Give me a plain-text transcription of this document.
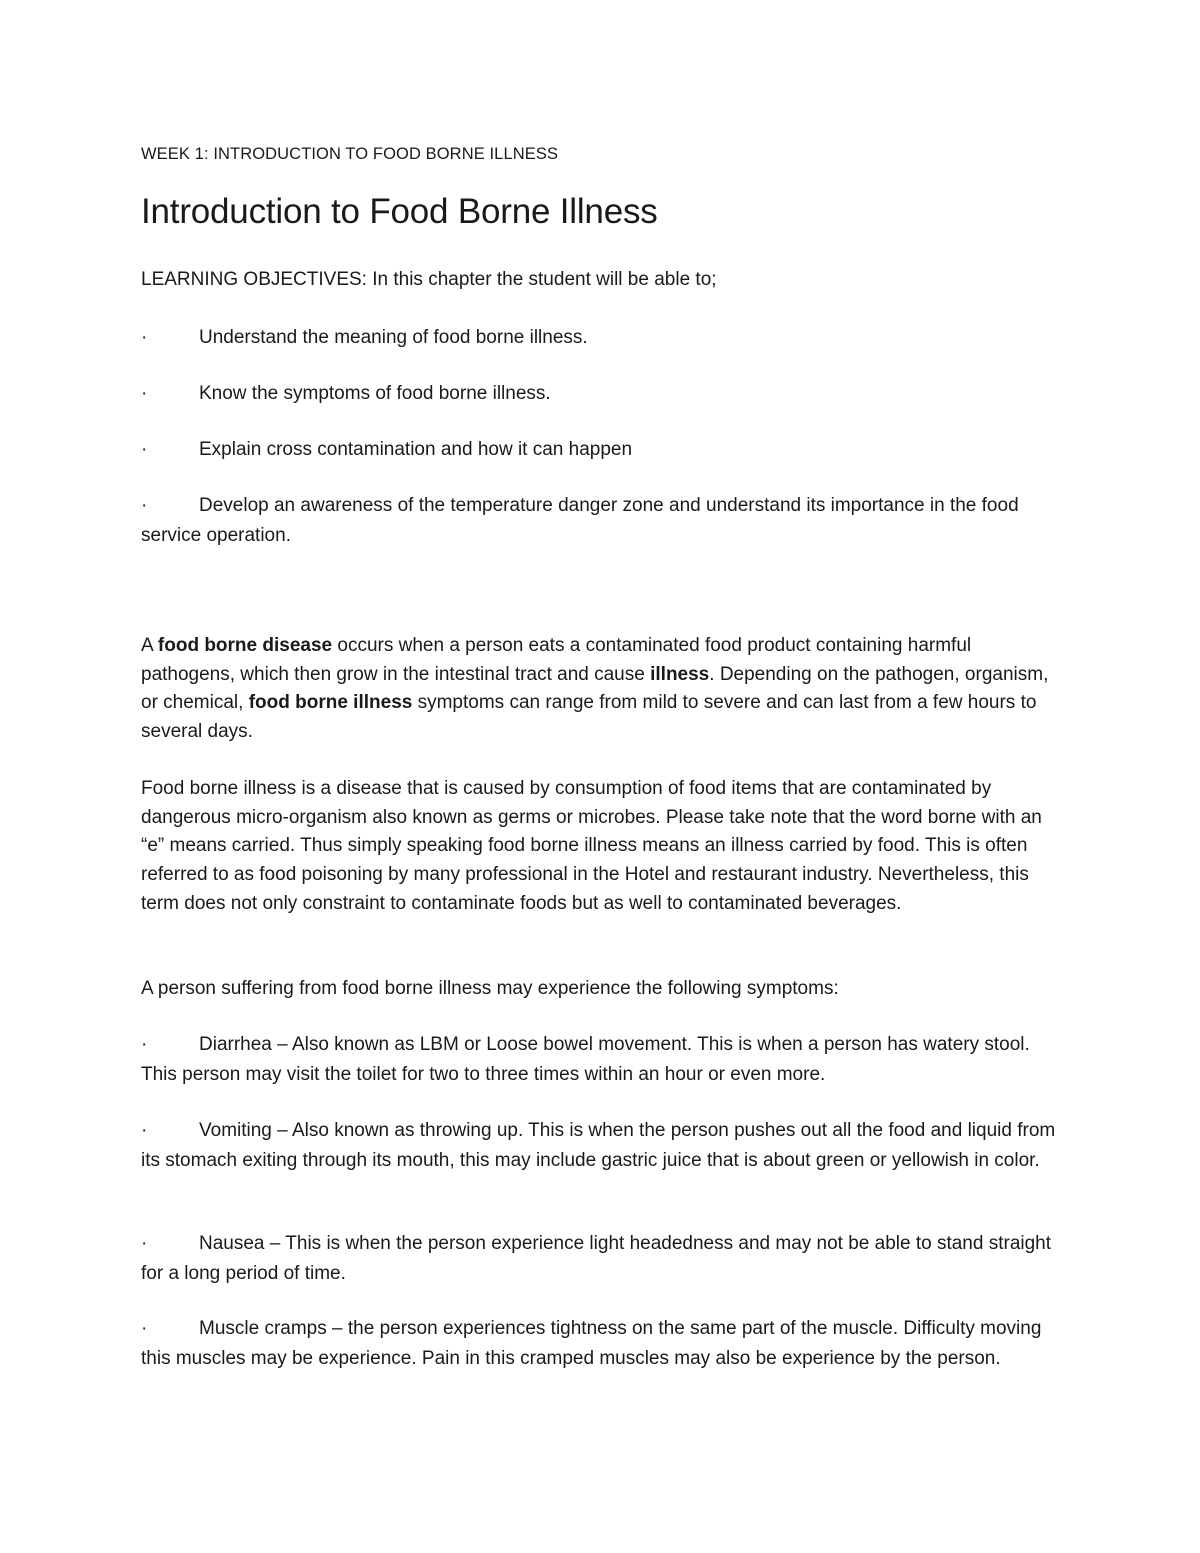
WEEK 1: INTRODUCTION TO FOOD BORNE ILLNESS
Introduction to Food Borne Illness
LEARNING OBJECTIVES: In this chapter the student will be able to;
·	Understand the meaning of food borne illness.
·	Know the symptoms of food borne illness.
·	Explain cross contamination and how it can happen
·	Develop an awareness of the temperature danger zone and understand its importance in the food service operation.

A food borne disease occurs when a person eats a contaminated food product containing harmful pathogens, which then grow in the intestinal tract and cause illness. Depending on the pathogen, organism, or chemical, food borne illness symptoms can range from mild to severe and can last from a few hours to several days.

Food borne illness is a disease that is caused by consumption of food items that are contaminated by dangerous micro-organism also known as germs or microbes. Please take note that the word borne with an “e” means carried. Thus simply speaking food borne illness means an illness carried by food. This is often referred to as food poisoning by many professional in the Hotel and restaurant industry. Nevertheless, this term does not only constraint to contaminate foods but as well to contaminated beverages.

A person suffering from food borne illness may experience the following symptoms:

·	Diarrhea – Also known as LBM or Loose bowel movement. This is when a person has watery stool. This person may visit the toilet for two to three times within an hour or even more.
·	Vomiting – Also known as throwing up. This is when the person pushes out all the food and liquid from its stomach exiting through its mouth, this may include gastric juice that is about green or yellowish in color.
·	Nausea – This is when the person experience light headedness and may not be able to stand straight for a long period of time.
·	Muscle cramps – the person experiences tightness on the same part of the muscle. Difficulty moving this muscles may be experience. Pain in this cramped muscles may also be experience by the person.
